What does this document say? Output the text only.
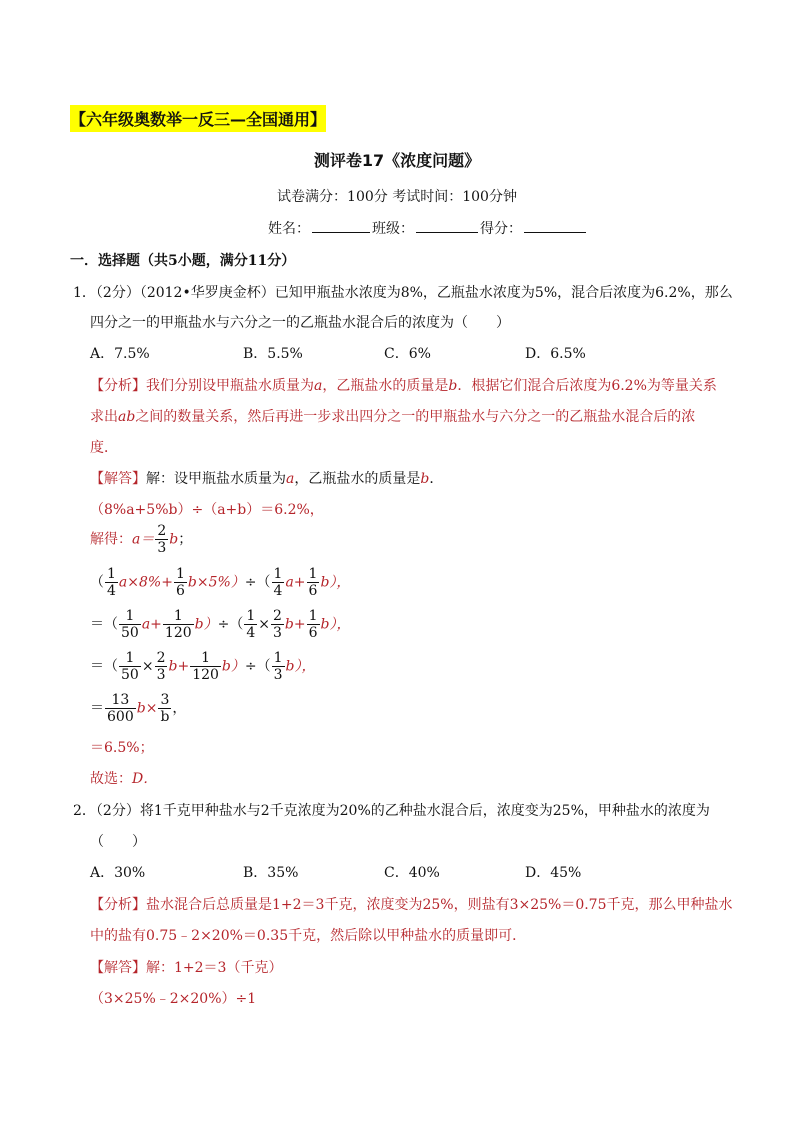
【六年级奥数举一反三—全国通用】
测评卷17《浓度问题》
试卷满分：100分 考试时间：100分钟
姓名：	班级：	得分：
一．选择题（共5小题，满分11分）
1．（2分）（2012•华罗庚金杯）已知甲瓶盐水浓度为8%，乙瓶盐水浓度为5%，混合后浓度为6.2%，那么
四分之一的甲瓶盐水与六分之一的乙瓶盐水混合后的浓度为（　　）
A．7.5%	B．5.5%	C．6%	D．6.5%
【分析】我们分别设甲瓶盐水质量为a，乙瓶盐水的质量是b．根据它们混合后浓度为6.2%为等量关系
求出ab之间的数量关系，然后再进一步求出四分之一的甲瓶盐水与六分之一的乙瓶盐水混合后的浓
度．
【解答】解：设甲瓶盐水质量为a，乙瓶盐水的质量是b．
（8%a+5%b）÷（a+b）＝6.2%，
解得：$a= \frac{2}{3}$ b；
（ $\frac{1}{4} a\times 8\%+ \frac{1}{6} b\times 5\%)\div( \frac{1}{4} a+ \frac{1}{6} b)$，
＝（ $\frac{1}{50} a+ \frac{1}{120} b)\div( \frac{1}{4} \times \frac{2}{3} b+ \frac{1}{6} b)$，
＝（ $\frac{1}{50} \times \frac{2}{3} b+ \frac{1}{120} b)\div( \frac{1}{3} b)$，
＝ $\frac{13}{600} b\times \frac{3}{b}$ ，
＝6.5%；
故选：D．
2．（2分）将1千克甲种盐水与2千克浓度为20%的乙种盐水混合后，浓度变为25%，甲种盐水的浓度为
（　　）
A．30%	B．35%	C．40%	D．45%
【分析】盐水混合后总质量是1+2＝3千克，浓度变为25%，则盐有3×25%＝0.75千克，那么甲种盐水
中的盐有0.75﹣2×20%＝0.35千克，然后除以甲种盐水的质量即可．
【解答】解：1+2＝3（千克）
（3×25%﹣2×20%）÷1
